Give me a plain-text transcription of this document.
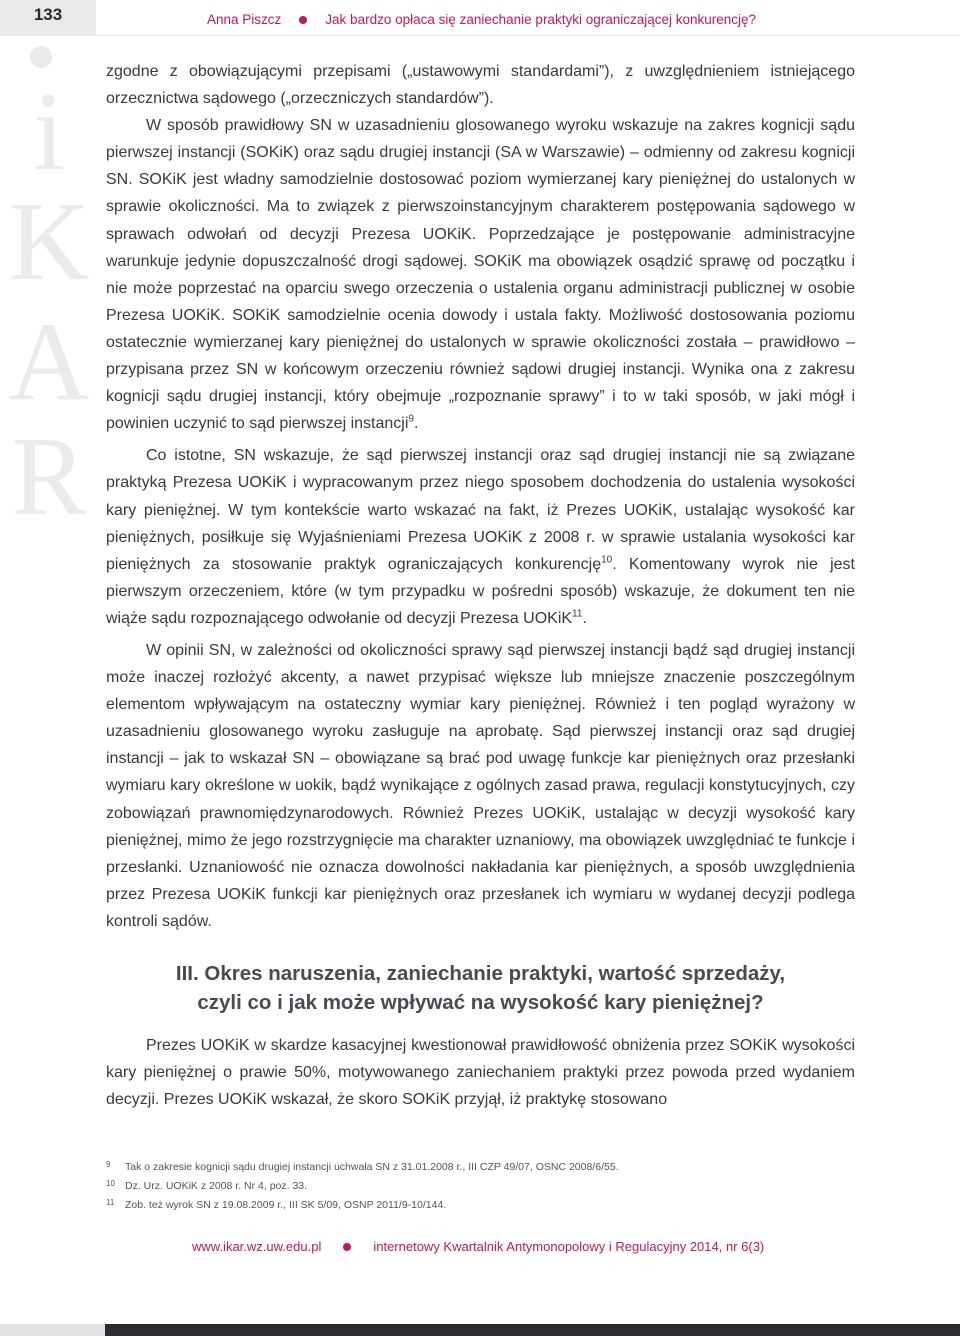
133	Anna Piszcz	Jak bardzo opłaca się zaniechanie praktyki ograniczającej konkurencję?
i
K
A
R

zgodne z obowiązującymi przepisami („ustawowymi standardami”), z uwzględnieniem istniejącego orzecznictwa sądowego („orzeczniczych standardów”).

W sposób prawidłowy SN w uzasadnieniu glosowanego wyroku wskazuje na zakres kognicji sądu pierwszej instancji (SOKiK) oraz sądu drugiej instancji (SA w Warszawie) – odmienny od zakresu kognicji SN. SOKiK jest władny samodzielnie dostosować poziom wymierzanej kary pieniężnej do ustalonych w sprawie okoliczności. Ma to związek z pierwszoinstancyjnym charakterem postępowania sądowego w sprawach odwołań od decyzji Prezesa UOKiK. Poprzedzające je postępowanie administracyjne warunkuje jedynie dopuszczalność drogi sądowej. SOKiK ma obowiązek osądzić sprawę od początku i nie może poprzestać na oparciu swego orzeczenia o ustalenia organu administracji publicznej w osobie Prezesa UOKiK. SOKiK samodzielnie ocenia dowody i ustala fakty. Możliwość dostosowania poziomu ostatecznie wymierzanej kary pieniężnej do ustalonych w sprawie okoliczności została – prawidłowo – przypisana przez SN w końcowym orzeczeniu również sądowi drugiej instancji. Wynika ona z zakresu kognicji sądu drugiej instancji, który obejmuje „rozpoznanie sprawy” i to w taki sposób, w jaki mógł i powinien uczynić to sąd pierwszej instancji$^9$.

Co istotne, SN wskazuje, że sąd pierwszej instancji oraz sąd drugiej instancji nie są związane praktyką Prezesa UOKiK i wypracowanym przez niego sposobem dochodzenia do ustalenia wysokości kary pieniężnej. W tym kontekście warto wskazać na fakt, iż Prezes UOKiK, ustalając wysokość kar pieniężnych, posiłkuje się Wyjaśnieniami Prezesa UOKiK z 2008 r. w sprawie ustalania wysokości kar pieniężnych za stosowanie praktyk ograniczających konkurencję$^{10}$. Komentowany wyrok nie jest pierwszym orzeczeniem, które (w tym przypadku w pośredni sposób) wskazuje, że dokument ten nie wiąże sądu rozpoznającego odwołanie od decyzji Prezesa UOKiK$^{11}$.

W opinii SN, w zależności od okoliczności sprawy sąd pierwszej instancji bądź sąd drugiej instancji może inaczej rozłożyć akcenty, a nawet przypisać większe lub mniejsze znaczenie poszczególnym elementom wpływającym na ostateczny wymiar kary pieniężnej. Również i ten pogląd wyrażony w uzasadnieniu glosowanego wyroku zasługuje na aprobatę. Sąd pierwszej instancji oraz sąd drugiej instancji – jak to wskazał SN – obowiązane są brać pod uwagę funkcje kar pieniężnych oraz przesłanki wymiaru kary określone w uokik, bądź wynikające z ogólnych zasad prawa, regulacji konstytucyjnych, czy zobowiązań prawnomiędzynarodowych. Również Prezes UOKiK, ustalając w decyzji wysokość kary pieniężnej, mimo że jego rozstrzygnięcie ma charakter uznaniowy, ma obowiązek uwzględniać te funkcje i przesłanki. Uznaniowość nie oznacza dowolności nakładania kar pieniężnych, a sposób uwzględnienia przez Prezesa UOKiK funkcji kar pieniężnych oraz przesłanek ich wymiaru w wydanej decyzji podlega kontroli sądów.

III. Okres naruszenia, zaniechanie praktyki, wartość sprzedaży,
czyli co i jak może wpływać na wysokość kary pieniężnej?

Prezes UOKiK w skardze kasacyjnej kwestionował prawidłowość obniżenia przez SOKiK wysokości kary pieniężnej o prawie 50%, motywowanego zaniechaniem praktyki przez powoda przed wydaniem decyzji. Prezes UOKiK wskazał, że skoro SOKiK przyjął, iż praktykę stosowano

9 Tak o zakresie kognicji sądu drugiej instancji uchwała SN z 31.01.2008 r., III CZP 49/07, OSNC 2008/6/55.
10 Dz. Urz. UOKiK z 2008 r. Nr 4, poz. 33.
11 Zob. też wyrok SN z 19.08.2009 r., III SK 5/09, OSNP 2011/9-10/144.
www.ikar.wz.uw.edu.pl	internetowy Kwartalnik Antymonopolowy i Regulacyjny 2014, nr 6(3)
